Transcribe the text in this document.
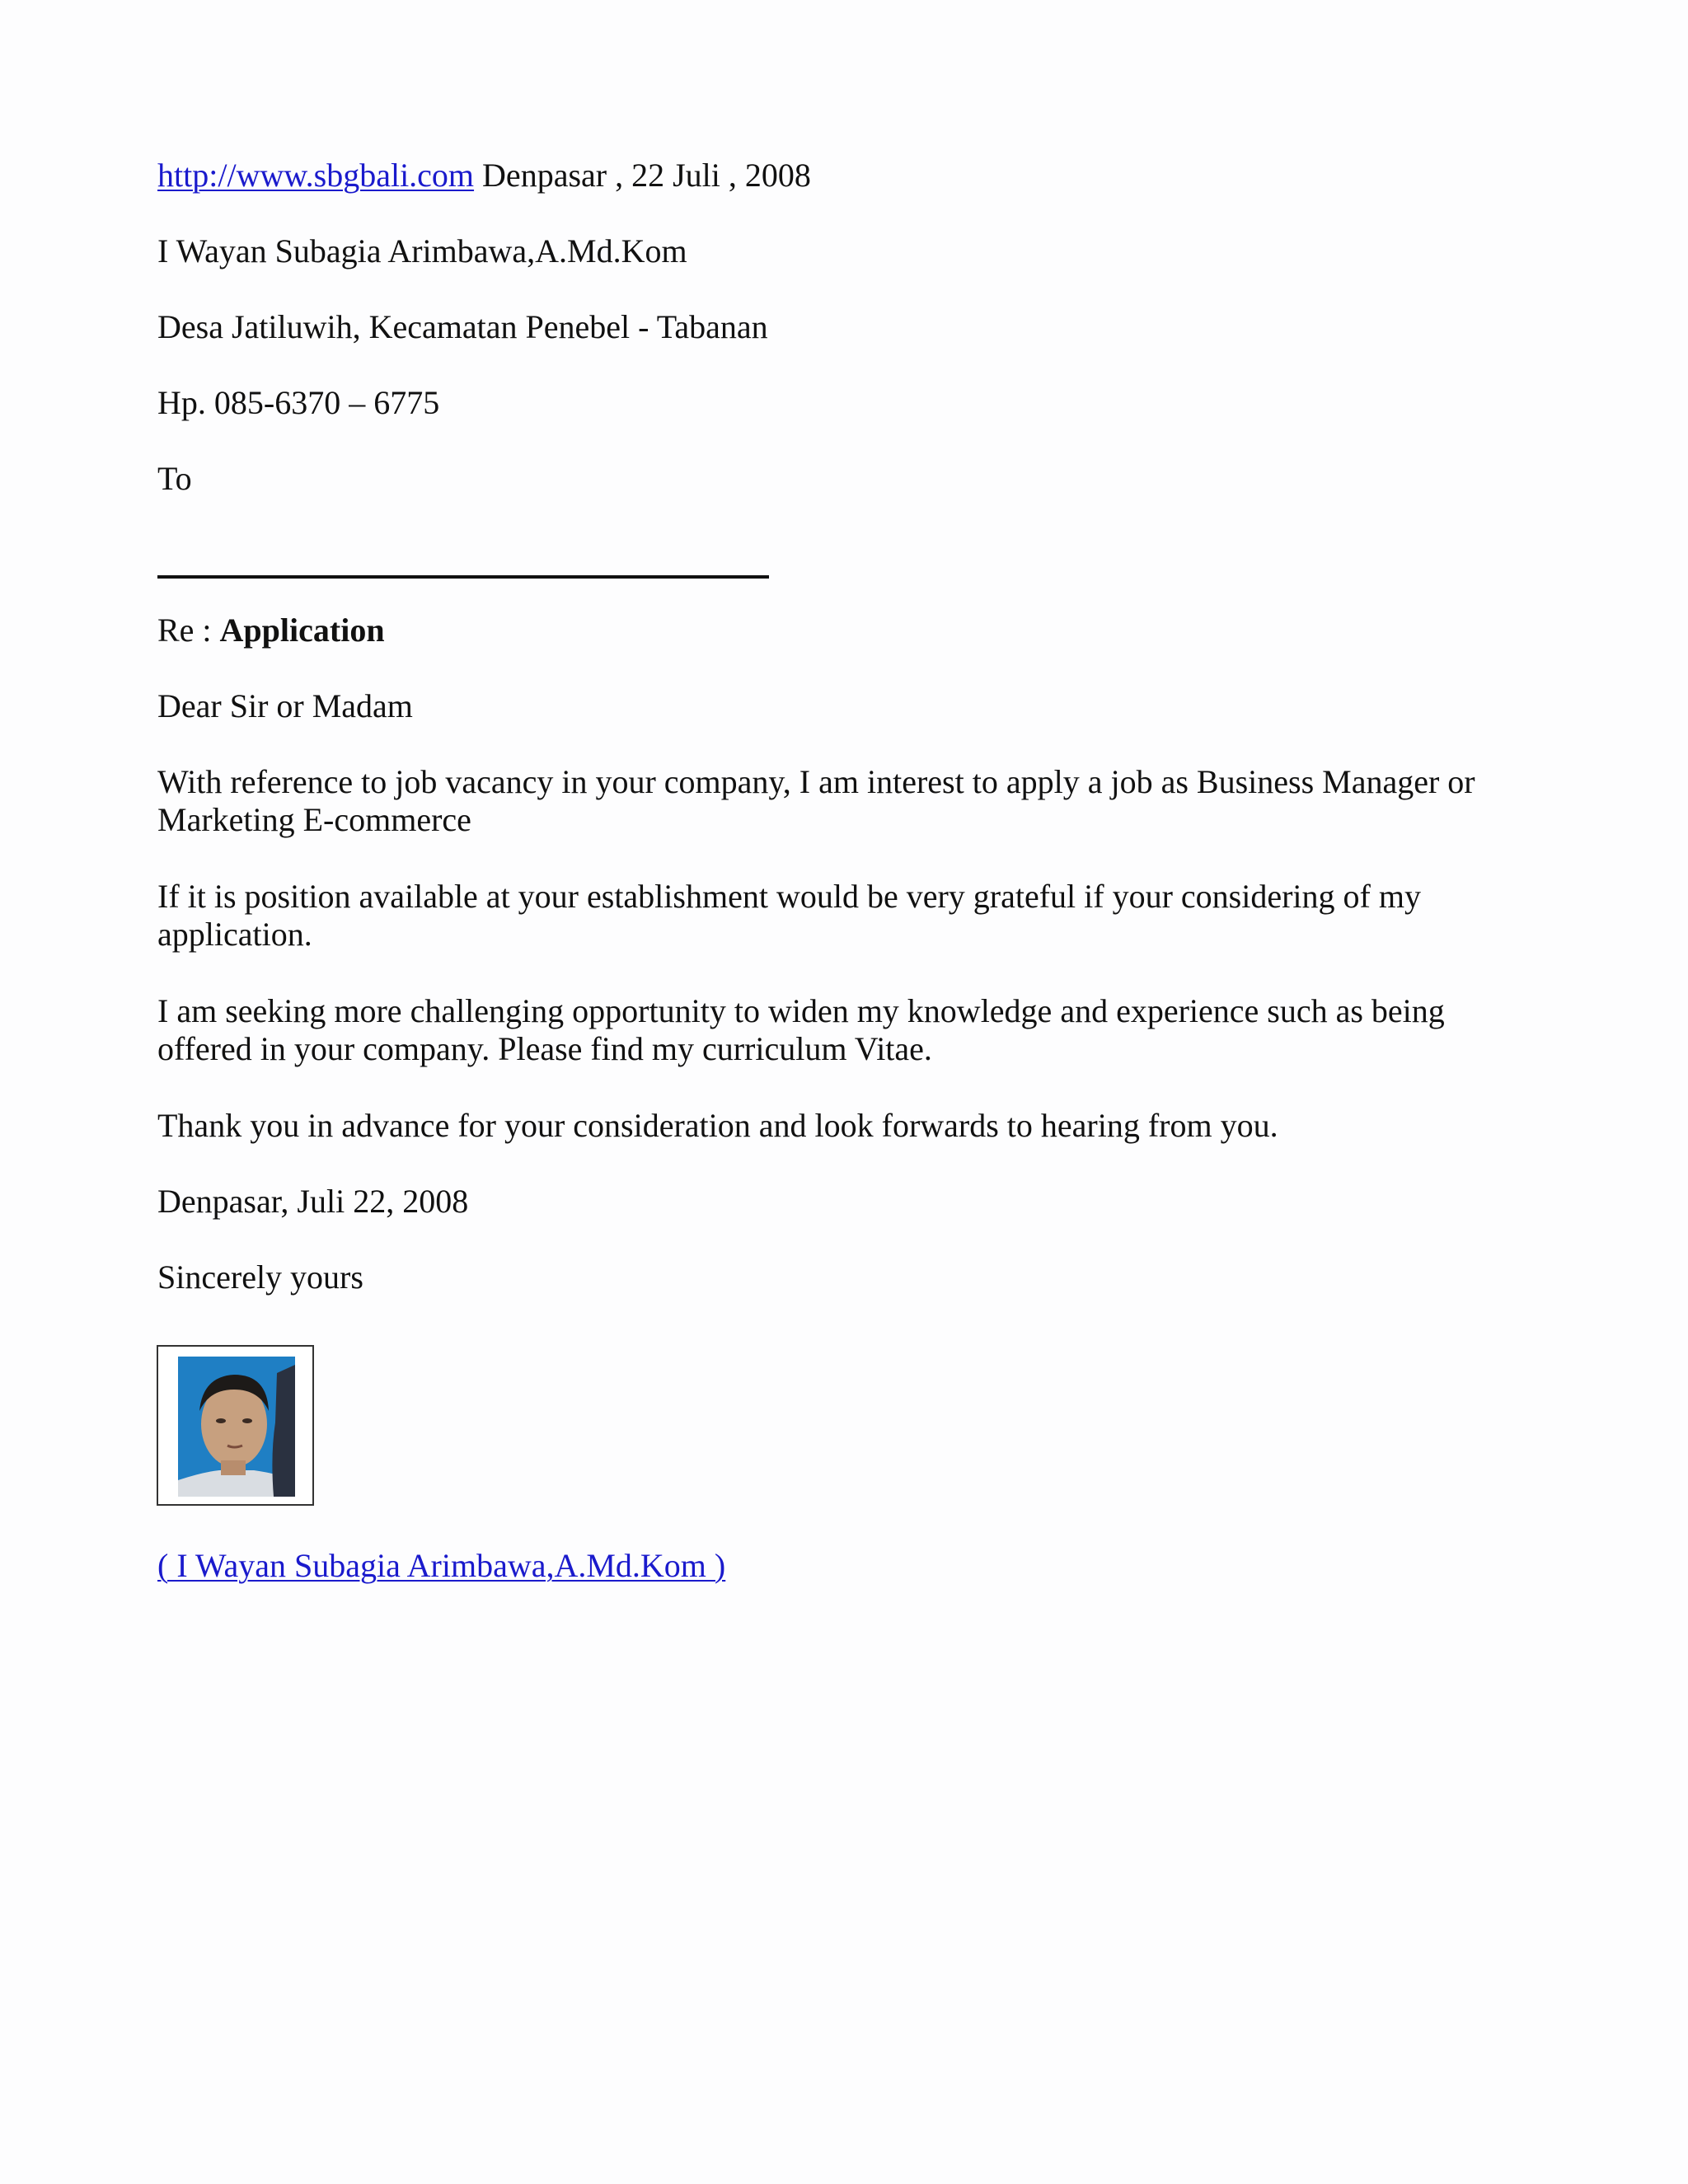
http://www.sbgbali.com Denpasar , 22 Juli , 2008
I Wayan Subagia Arimbawa,A.Md.Kom
Desa Jatiluwih, Kecamatan Penebel - Tabanan
Hp. 085-6370 – 6775
To
Re : Application
Dear Sir or Madam
With reference to job vacancy in your company, I am interest to apply a job as Business Manager or Marketing E-commerce
If it is position available at your establishment would be very grateful if your considering of my application.
I am seeking more challenging opportunity to widen my knowledge and experience such as being offered in your company. Please find my curriculum Vitae.
Thank you in advance for your consideration and look forwards to hearing from you.
Denpasar, Juli 22, 2008
Sincerely yours
( I Wayan Subagia Arimbawa,A.Md.Kom )
